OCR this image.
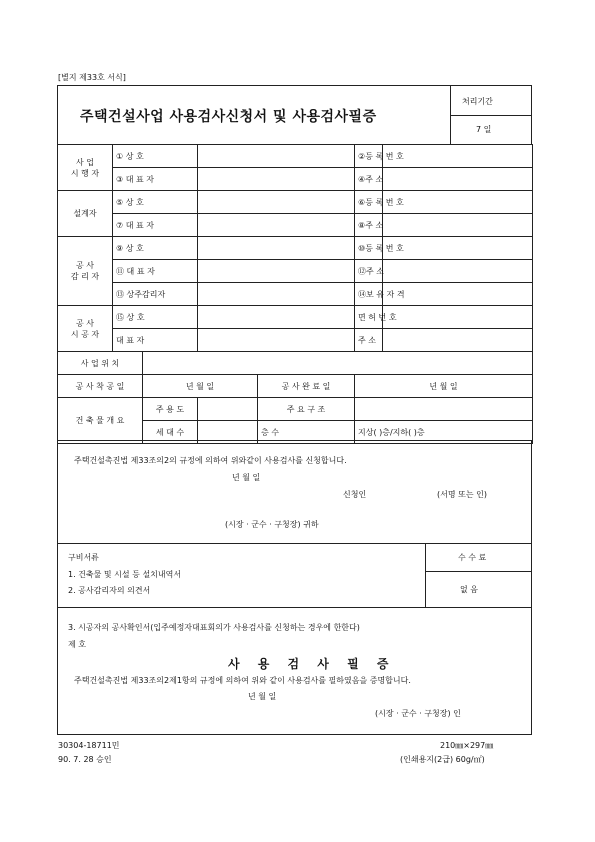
[별지 제33호 서식]
주택건설사업 사용검사신청서 및 사용검사필증
처리기간
7 일
사 업
시 행 자	① 상 호				②등 록 번 호	
	③ 대 표 자				④주 소	
설계자	⑤ 상 호				⑥등 록 번 호	
	⑦ 대 표 자				⑧주 소	
공 사
감 리 자	⑨ 상 호				⑩등 록 번 호	
	⑪ 대 표 자				⑫주 소	
	⑬ 상주감리자				⑭보 유 자 격	
공 사
시 공 자	⑮ 상 호				면 허 번 호	
	대 표 자				주 소	
사 업 위 치						
공 사 착 공 일		년 월 일		공 사 완 료 일	년 월 일	
건 축 물 개 요		주 용 도		주 요 구 조		
		세 대 수		층 수	지상( )층/지하( )층	
주택건설촉진법 제33조의2의 규정에 의하여 위와같이 사용검사를 신청합니다.
년 월 일
신청인	(서명 또는 인)
(시장 · 군수 · 구청장) 귀하
수 수 료
없 음
구비서류
1. 건축물 및 시설 등 설치내역서
2. 공사감리자의 의견서
3. 시공자의 공사확인서(입주예정자대표회의가 사용검사를 신청하는 경우에 한한다)
제 호
사 용 검 사 필 증
주택건설촉진법 제33조의2제1항의 규정에 의하여 위와 같이 사용검사를 필하였음을 증명합니다.
년 월 일
(시장 · 군수 · 구청장) 인
30304-18711민
90. 7. 28 승인
210㎜×297㎜
(인쇄용지(2급) 60g/㎡)
